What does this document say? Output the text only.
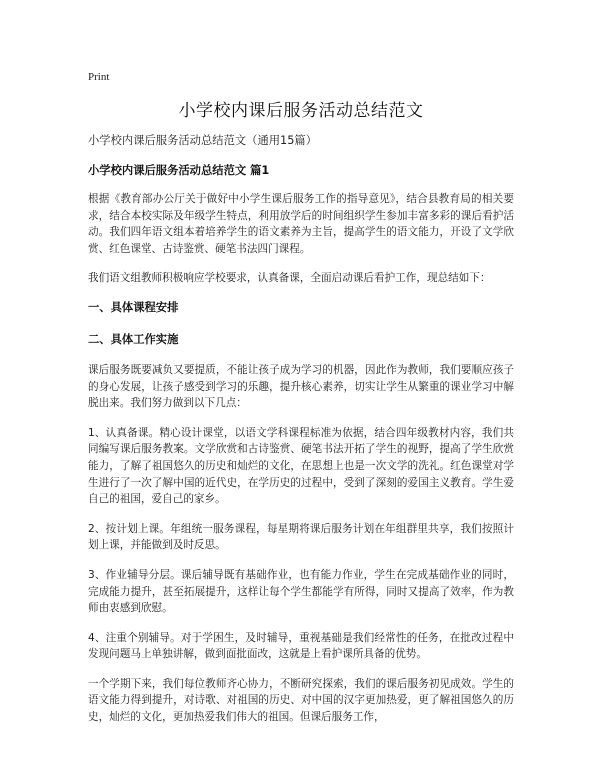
Print
小学校内课后服务活动总结范文

小学校内课后服务活动总结范文（通用15篇）

小学校内课后服务活动总结范文 篇1

根据《教育部办公厅关于做好中小学生课后服务工作的指导意见》，结合县教育局的相关要求，结合本校实际及年级学生特点，利用放学后的时间组织学生参加丰富多彩的课后看护活动。我们四年语文组本着培养学生的语文素养为主旨，提高学生的语文能力，开设了文学欣赏、红色课堂、古诗鉴赏、硬笔书法四门课程。

我们语文组教师积极响应学校要求，认真备课，全面启动课后看护工作，现总结如下：

一、具体课程安排

二、具体工作实施

课后服务既要减负又要提质，不能让孩子成为学习的机器，因此作为教师，我们要顺应孩子的身心发展，让孩子感受到学习的乐趣，提升核心素养，切实让学生从繁重的课业学习中解脱出来。我们努力做到以下几点：

1、认真备课。精心设计课堂，以语文学科课程标准为依据，结合四年级教材内容，我们共同编写课后服务教案。文学欣赏和古诗鉴赏、硬笔书法开拓了学生的视野，提高了学生欣赏能力，了解了祖国悠久的历史和灿烂的文化，在思想上也是一次文学的洗礼。红色课堂对学生进行了一次了解中国的近代史，在学历史的过程中，受到了深刻的爱国主义教育。学生爱自己的祖国，爱自己的家乡。

2、按计划上课。年组统一服务课程，每星期将课后服务计划在年组群里共享，我们按照计划上课，并能做到及时反思。

3、作业辅导分层。课后辅导既有基础作业，也有能力作业，学生在完成基础作业的同时，完成能力提升，甚至拓展提升，这样让每个学生都能学有所得，同时又提高了效率，作为教师由衷感到欣慰。

4、注重个别辅导。对于学困生，及时辅导，重视基础是我们经常性的任务，在批改过程中发现问题马上单独讲解，做到面批面改，这就是上看护课所具备的优势。

一个学期下来，我们每位教师齐心协力，不断研究探索，我们的课后服务初见成效。学生的语文能力得到提升，对诗歌、对祖国的历史、对中国的汉字更加热爱，更了解祖国悠久的历史，灿烂的文化，更加热爱我们伟大的祖国。但课后服务工作，
